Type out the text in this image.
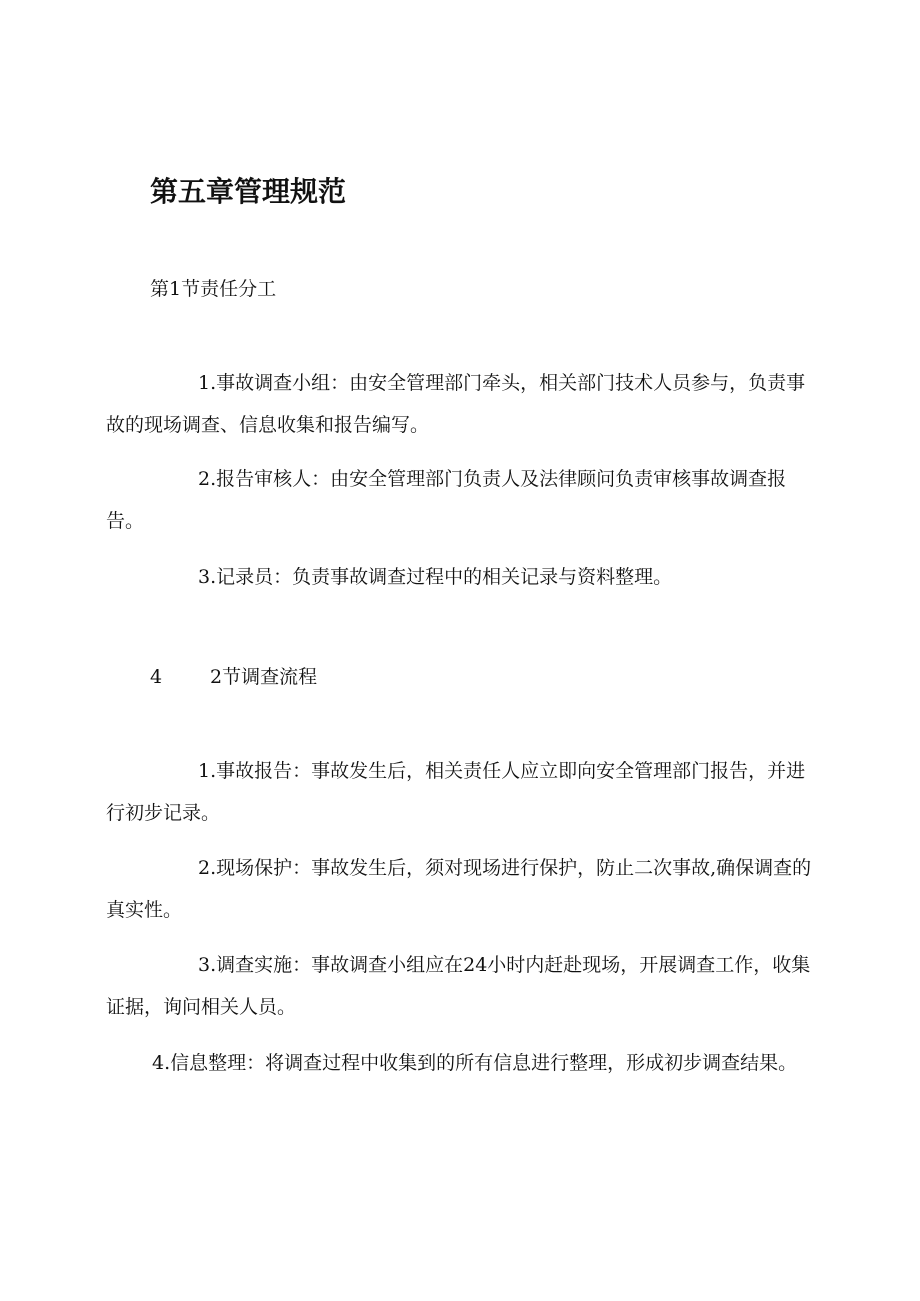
第五章管理规范
第1节责任分工

1.事故调查小组：由安全管理部门牵头，相关部门技术人员参与，负责事故的现场调查、信息收集和报告编写。

2.报告审核人：由安全管理部门负责人及法律顾问负责审核事故调查报告。

3.记录员：负责事故调查过程中的相关记录与资料整理。

4	2节调查流程

1.事故报告：事故发生后，相关责任人应立即向安全管理部门报告，并进行初步记录。

2.现场保护：事故发生后，须对现场进行保护，防止二次事故,确保调查的真实性。

3.调查实施：事故调查小组应在24小时内赶赴现场，开展调查工作，收集证据，询问相关人员。

4.信息整理：将调查过程中收集到的所有信息进行整理，形成初步调查结果。
